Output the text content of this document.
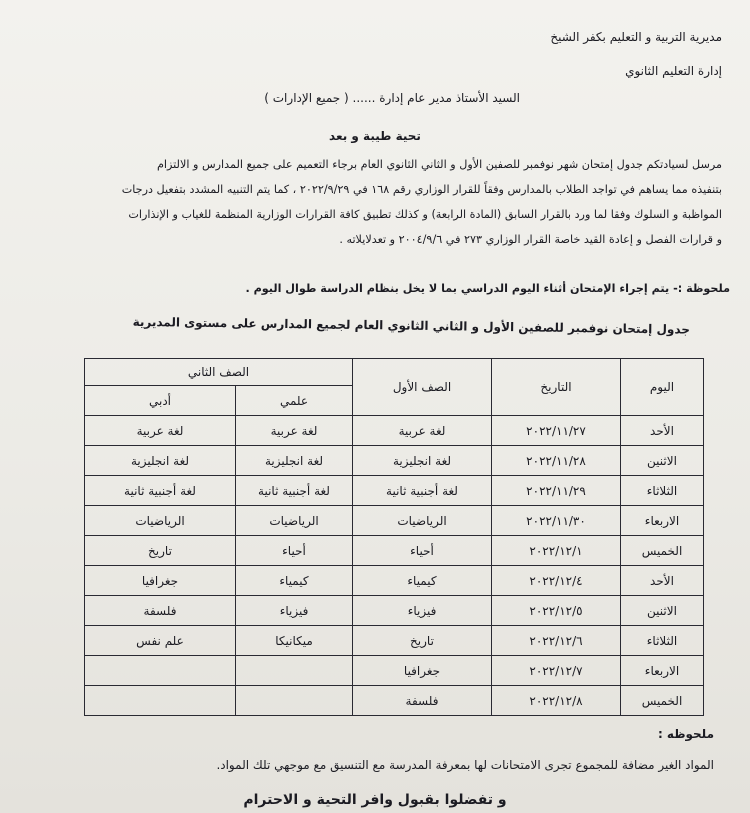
مديرية التربية و التعليم بكفر الشيخ
إدارة التعليم الثانوي
السيد الأستاذ مدير عام إدارة ...... ( جميع الإدارات )
تحية طيبة و بعد
مرسل لسيادتكم جدول إمتحان شهر نوفمبر للصفين الأول و الثاني الثانوي العام برجاء التعميم على جميع المدارس و الالتزام
بتنفيذه مما يساهم في تواجد الطلاب بالمدارس وفقاً للقرار الوزاري رقم ١٦٨ في ٢٠٢٢/٩/٢٩ ، كما يتم التنبيه المشدد بتفعيل درجات
المواظبة و السلوك وفقا لما ورد بالقرار السابق (المادة الرابعة) و كذلك تطبيق كافة القرارات الوزارية المنظمة للغياب و الإنذارات
و قرارات الفصل و إعادة القيد خاصة القرار الوزاري ٢٧٣ في ٢٠٠٤/٩/٦ و تعدلايلاته .
ملحوظة :- يتم إجراء الإمتحان أثناء اليوم الدراسي بما لا يخل بنظام الدراسة طوال اليوم .
جدول إمتحان نوفمبر للصفين الأول و الثاني الثانوي العام لجميع المدارس على مستوى المديرية
اليوم	التاريخ	الصف الأول	الصف الثاني	
			علمي	أدبي
الأحد	٢٠٢٢/١١/٢٧	لغة عربية	لغة عربية	لغة عربية
الاثنين	٢٠٢٢/١١/٢٨	لغة انجليزية	لغة انجليزية	لغة انجليزية
الثلاثاء	٢٠٢٢/١١/٢٩	لغة أجنبية ثانية	لغة أجنبية ثانية	لغة أجنبية ثانية
الاربعاء	٢٠٢٢/١١/٣٠	الرياضيات	الرياضيات	الرياضيات
الخميس	٢٠٢٢/١٢/١	أحياء	أحياء	تاريخ
الأحد	٢٠٢٢/١٢/٤	كيمياء	كيمياء	جغرافيا
الاثنين	٢٠٢٢/١٢/٥	فيزياء	فيزياء	فلسفة
الثلاثاء	٢٠٢٢/١٢/٦	تاريخ	ميكانيكا	علم نفس
الاربعاء	٢٠٢٢/١٢/٧	جغرافيا		
الخميس	٢٠٢٢/١٢/٨	فلسفة		
ملحوظه :
المواد الغير مضافة للمجموع تجرى الامتحانات لها بمعرفة المدرسة مع التنسيق مع موجهي تلك المواد.
و تفضلوا بقبول وافر التحية و الاحترام
